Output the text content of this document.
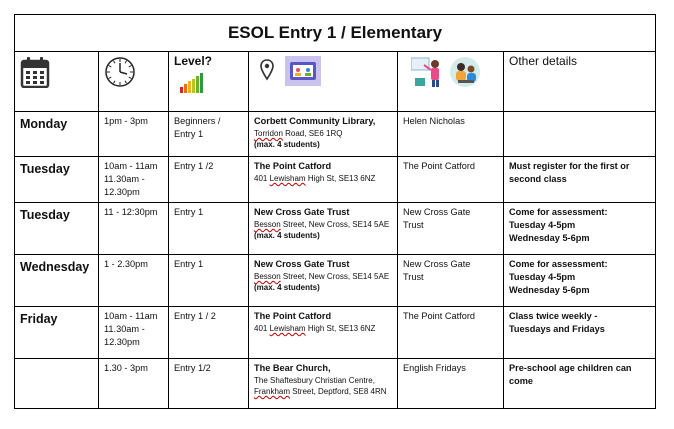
ESOL Entry 1 / Elementary					
		Level?			Other details
Monday	1pm - 3pm	Beginners /
Entry 1	Corbett Community Library,
Torridon Road, SE6 1RQ
(max. 4 students)	Helen Nicholas	

Tuesday	10am - 11am
11.30am -
12.30pm	Entry 1 /2	The Point Catford
401 Lewisham High St, SE13 6NZ	The Point Catford	Must register for the first or
second class

Tuesday	11 - 12:30pm	Entry 1	New Cross Gate Trust
Besson Street, New Cross, SE14 5AE
(max. 4 students)	New Cross Gate
Trust	Come for assessment:
Tuesday 4-5pm
Wednesday 5-6pm

Wednesday	1 - 2.30pm	Entry 1	New Cross Gate Trust
Besson Street, New Cross, SE14 5AE
(max. 4 students)	New Cross Gate
Trust	Come for assessment:
Tuesday 4-5pm
Wednesday 5-6pm

Friday	10am - 11am
11.30am -
12.30pm	Entry 1 / 2	The Point Catford
401 Lewisham High St, SE13 6NZ	The Point Catford	Class twice weekly -
Tuesdays and Fridays

	1.30 - 3pm	Entry 1/2	The Bear Church,
The Shaftesbury Christian Centre,
Frankham Street, Deptford, SE8 4RN	English Fridays	Pre-school age children can
come
